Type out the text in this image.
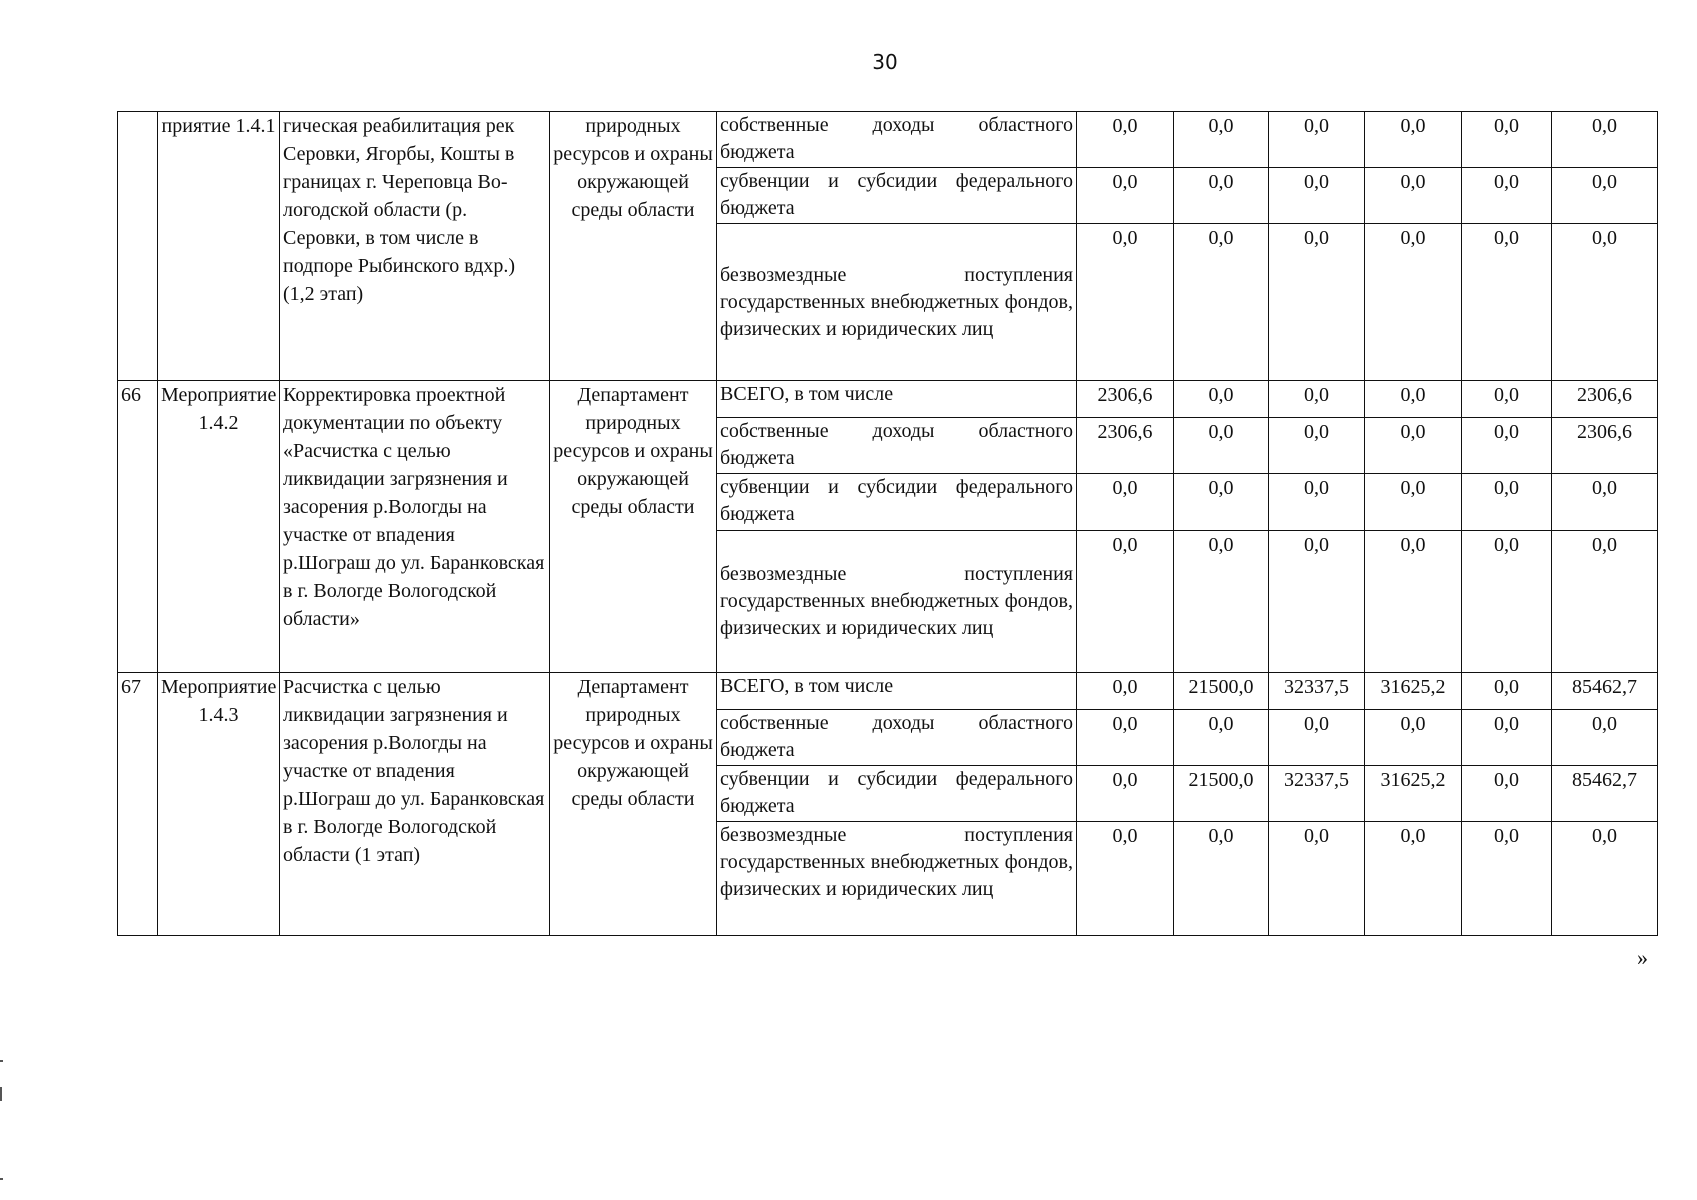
30
	приятие 1.4.1	гическая реабилитация рек Серовки, Ягорбы, Кошты в границах г. Череповца Во-логодской области (р. Серовки, в том числе в подпоре Рыбинского вдхр.) (1,2 этап)	природных ресурсов и охраны окружающей среды области	собственные доходы областного бюджета	0,0	0,0	0,0	0,0	0,0	0,0
				субвенции и субсидии федерального бюджета	0,0	0,0	0,0	0,0	0,0	0,0
				безвозмездные поступления государственных внебюджетных фондов, физических и юридических лиц	0,0	0,0	0,0	0,0	0,0	0,0
66	Мероприятие 1.4.2	Корректировка проектной документации по объекту «Расчистка с целью ликвидации загрязнения и засорения р.Вологды на участке от впадения р.Шограш до ул. Баранковская в г. Вологде Вологодской области»	Департамент природных ресурсов и охраны окружающей среды области	ВСЕГО, в том числе	2306,6	0,0	0,0	0,0	0,0	2306,6
				собственные доходы областного бюджета	2306,6	0,0	0,0	0,0	0,0	2306,6
				субвенции и субсидии федерального бюджета	0,0	0,0	0,0	0,0	0,0	0,0
				безвозмездные поступления государственных внебюджетных фондов, физических и юридических лиц	0,0	0,0	0,0	0,0	0,0	0,0
67	Мероприятие 1.4.3	Расчистка с целью ликвидации загрязнения и засорения р.Вологды на участке от впадения р.Шограш до ул. Баранковская в г. Вологде Вологодской области (1 этап)	Департамент природных ресурсов и охраны окружающей среды области	ВСЕГО, в том числе	0,0	21500,0	32337,5	31625,2	0,0	85462,7
				собственные доходы областного бюджета	0,0	0,0	0,0	0,0	0,0	0,0
				субвенции и субсидии федерального бюджета	0,0	21500,0	32337,5	31625,2	0,0	85462,7
				безвозмездные поступления государственных внебюджетных фондов, физических и юридических лиц	0,0	0,0	0,0	0,0	0,0	0,0
»
